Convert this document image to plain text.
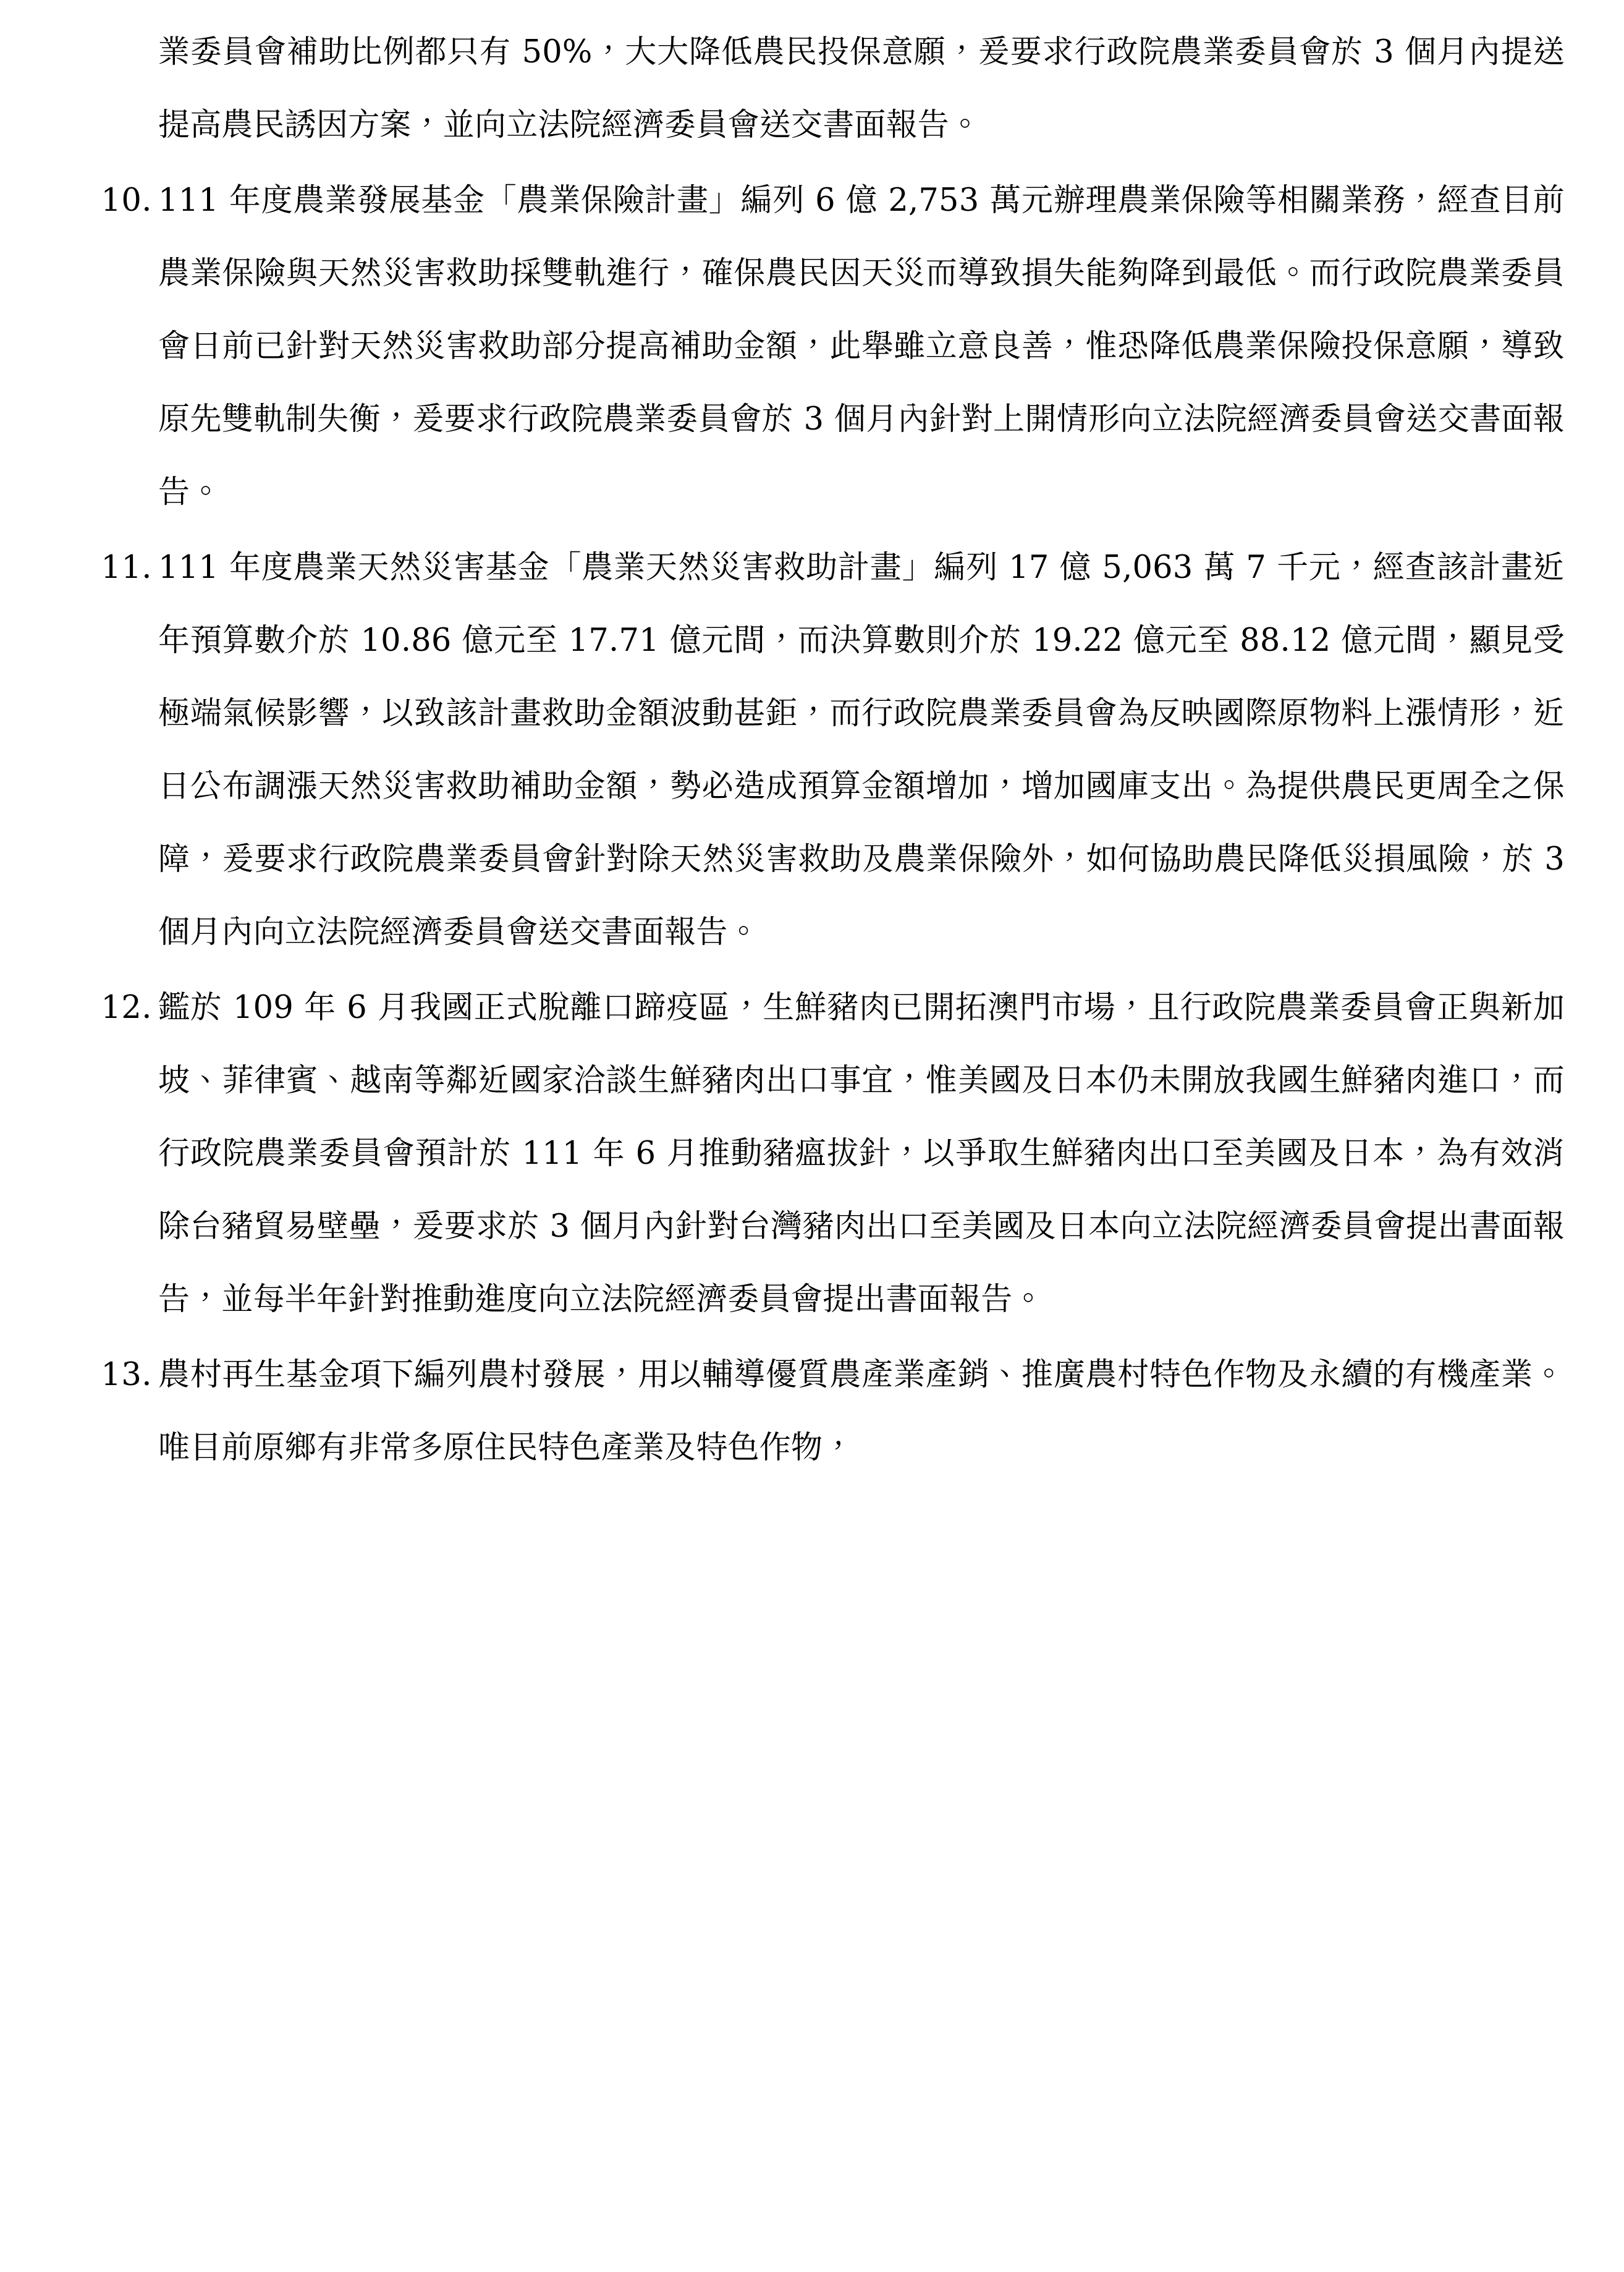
業委員會補助比例都只有 50%，大大降低農民投保意願，爰要求行政院農業委員會於 3 個月內提送提高農民誘因方案，並向立法院經濟委員會送交書面報告。
10. 111 年度農業發展基金「農業保險計畫」編列 6 億 2,753 萬元辦理農業保險等相關業務，經查目前農業保險與天然災害救助採雙軌進行，確保農民因天災而導致損失能夠降到最低。而行政院農業委員會日前已針對天然災害救助部分提高補助金額，此舉雖立意良善，惟恐降低農業保險投保意願，導致原先雙軌制失衡，爰要求行政院農業委員會於 3 個月內針對上開情形向立法院經濟委員會送交書面報告。
11. 111 年度農業天然災害基金「農業天然災害救助計畫」編列 17 億 5,063 萬 7 千元，經查該計畫近年預算數介於 10.86 億元至 17.71 億元間，而決算數則介於 19.22 億元至 88.12 億元間，顯見受極端氣候影響，以致該計畫救助金額波動甚鉅，而行政院農業委員會為反映國際原物料上漲情形，近日公布調漲天然災害救助補助金額，勢必造成預算金額增加，增加國庫支出。為提供農民更周全之保障，爰要求行政院農業委員會針對除天然災害救助及農業保險外，如何協助農民降低災損風險，於 3 個月內向立法院經濟委員會送交書面報告。
12. 鑑於 109 年 6 月我國正式脫離口蹄疫區，生鮮豬肉已開拓澳門市場，且行政院農業委員會正與新加坡、菲律賓、越南等鄰近國家洽談生鮮豬肉出口事宜，惟美國及日本仍未開放我國生鮮豬肉進口，而行政院農業委員會預計於 111 年 6 月推動豬瘟拔針，以爭取生鮮豬肉出口至美國及日本，為有效消除台豬貿易壁壘，爰要求於 3 個月內針對台灣豬肉出口至美國及日本向立法院經濟委員會提出書面報告，並每半年針對推動進度向立法院經濟委員會提出書面報告。
13. 農村再生基金項下編列農村發展，用以輔導優質農產業產銷、推廣農村特色作物及永續的有機產業。唯目前原鄉有非常多原住民特色產業及特色作物，
